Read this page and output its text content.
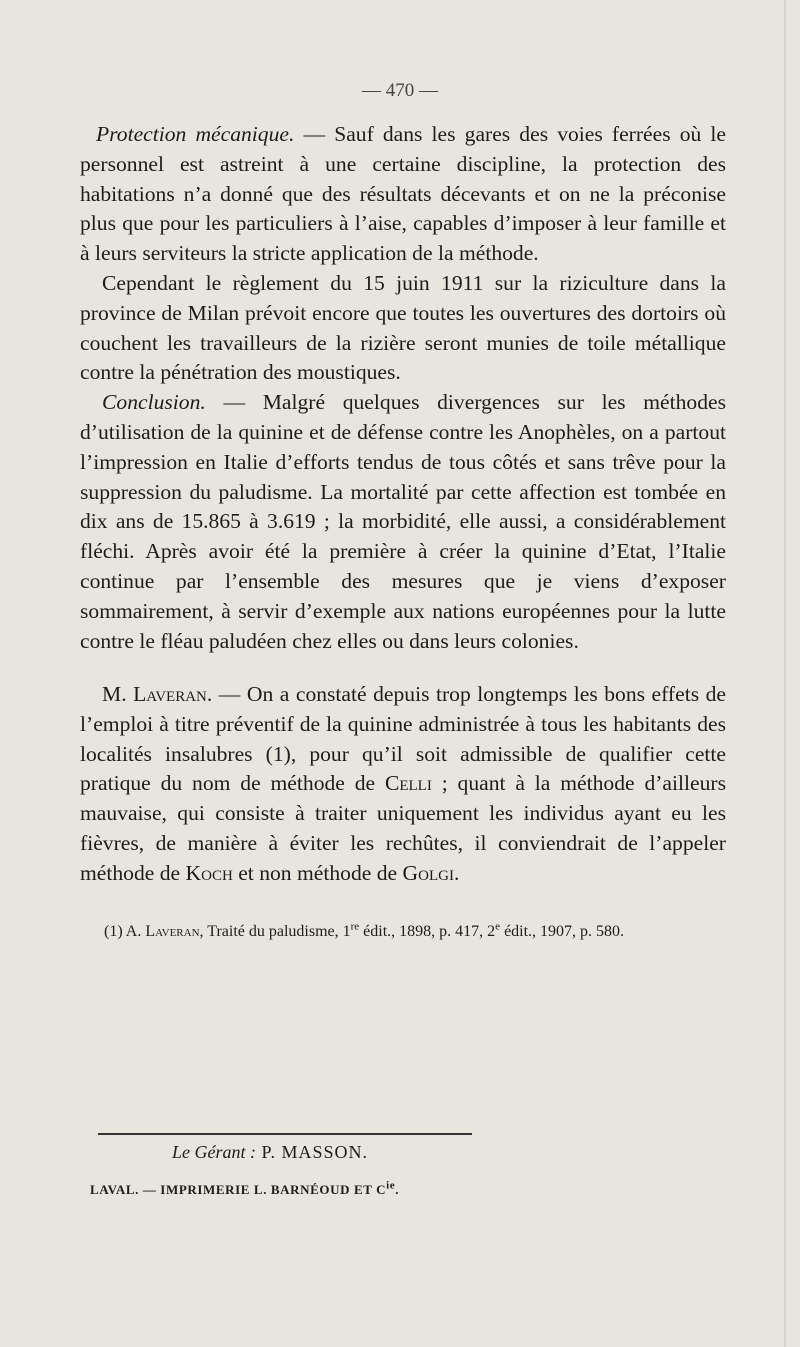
— 470 —

Protection mécanique. — Sauf dans les gares des voies ferrées où le personnel est astreint à une certaine discipline, la protection des habitations n’a donné que des résultats décevants et on ne la préconise plus que pour les particuliers à l’aise, capables d’imposer à leur famille et à leurs serviteurs la stricte application de la méthode.

Cependant le règlement du 15 juin 1911 sur la riziculture dans la province de Milan prévoit encore que toutes les ouvertures des dortoirs où couchent les travailleurs de la rizière seront munies de toile métallique contre la pénétration des moustiques.

Conclusion. — Malgré quelques divergences sur les méthodes d’utilisation de la quinine et de défense contre les Anophèles, on a partout l’impression en Italie d’efforts tendus de tous côtés et sans trêve pour la suppression du paludisme. La mortalité par cette affection est tombée en dix ans de 15.865 à 3.619 ; la morbidité, elle aussi, a considérablement fléchi. Après avoir été la première à créer la quinine d’Etat, l’Italie continue par l’ensemble des mesures que je viens d’exposer sommairement, à servir d’exemple aux nations européennes pour la lutte contre le fléau paludéen chez elles ou dans leurs colonies.

M. Laveran. — On a constaté depuis trop longtemps les bons effets de l’emploi à titre préventif de la quinine administrée à tous les habitants des localités insalubres (1), pour qu’il soit admissible de qualifier cette pratique du nom de méthode de Celli ; quant à la méthode d’ailleurs mauvaise, qui consiste à traiter uniquement les individus ayant eu les fièvres, de manière à éviter les rechûtes, il conviendrait de l’appeler méthode de Koch et non méthode de Golgi.

(1) A. Laveran, Traité du paludisme, 1re édit., 1898, p. 417, 2e édit., 1907, p. 580.
Le Gérant : P. MASSON.
LAVAL. — IMPRIMERIE L. BARNÉOUD ET $C^{ie}$.
